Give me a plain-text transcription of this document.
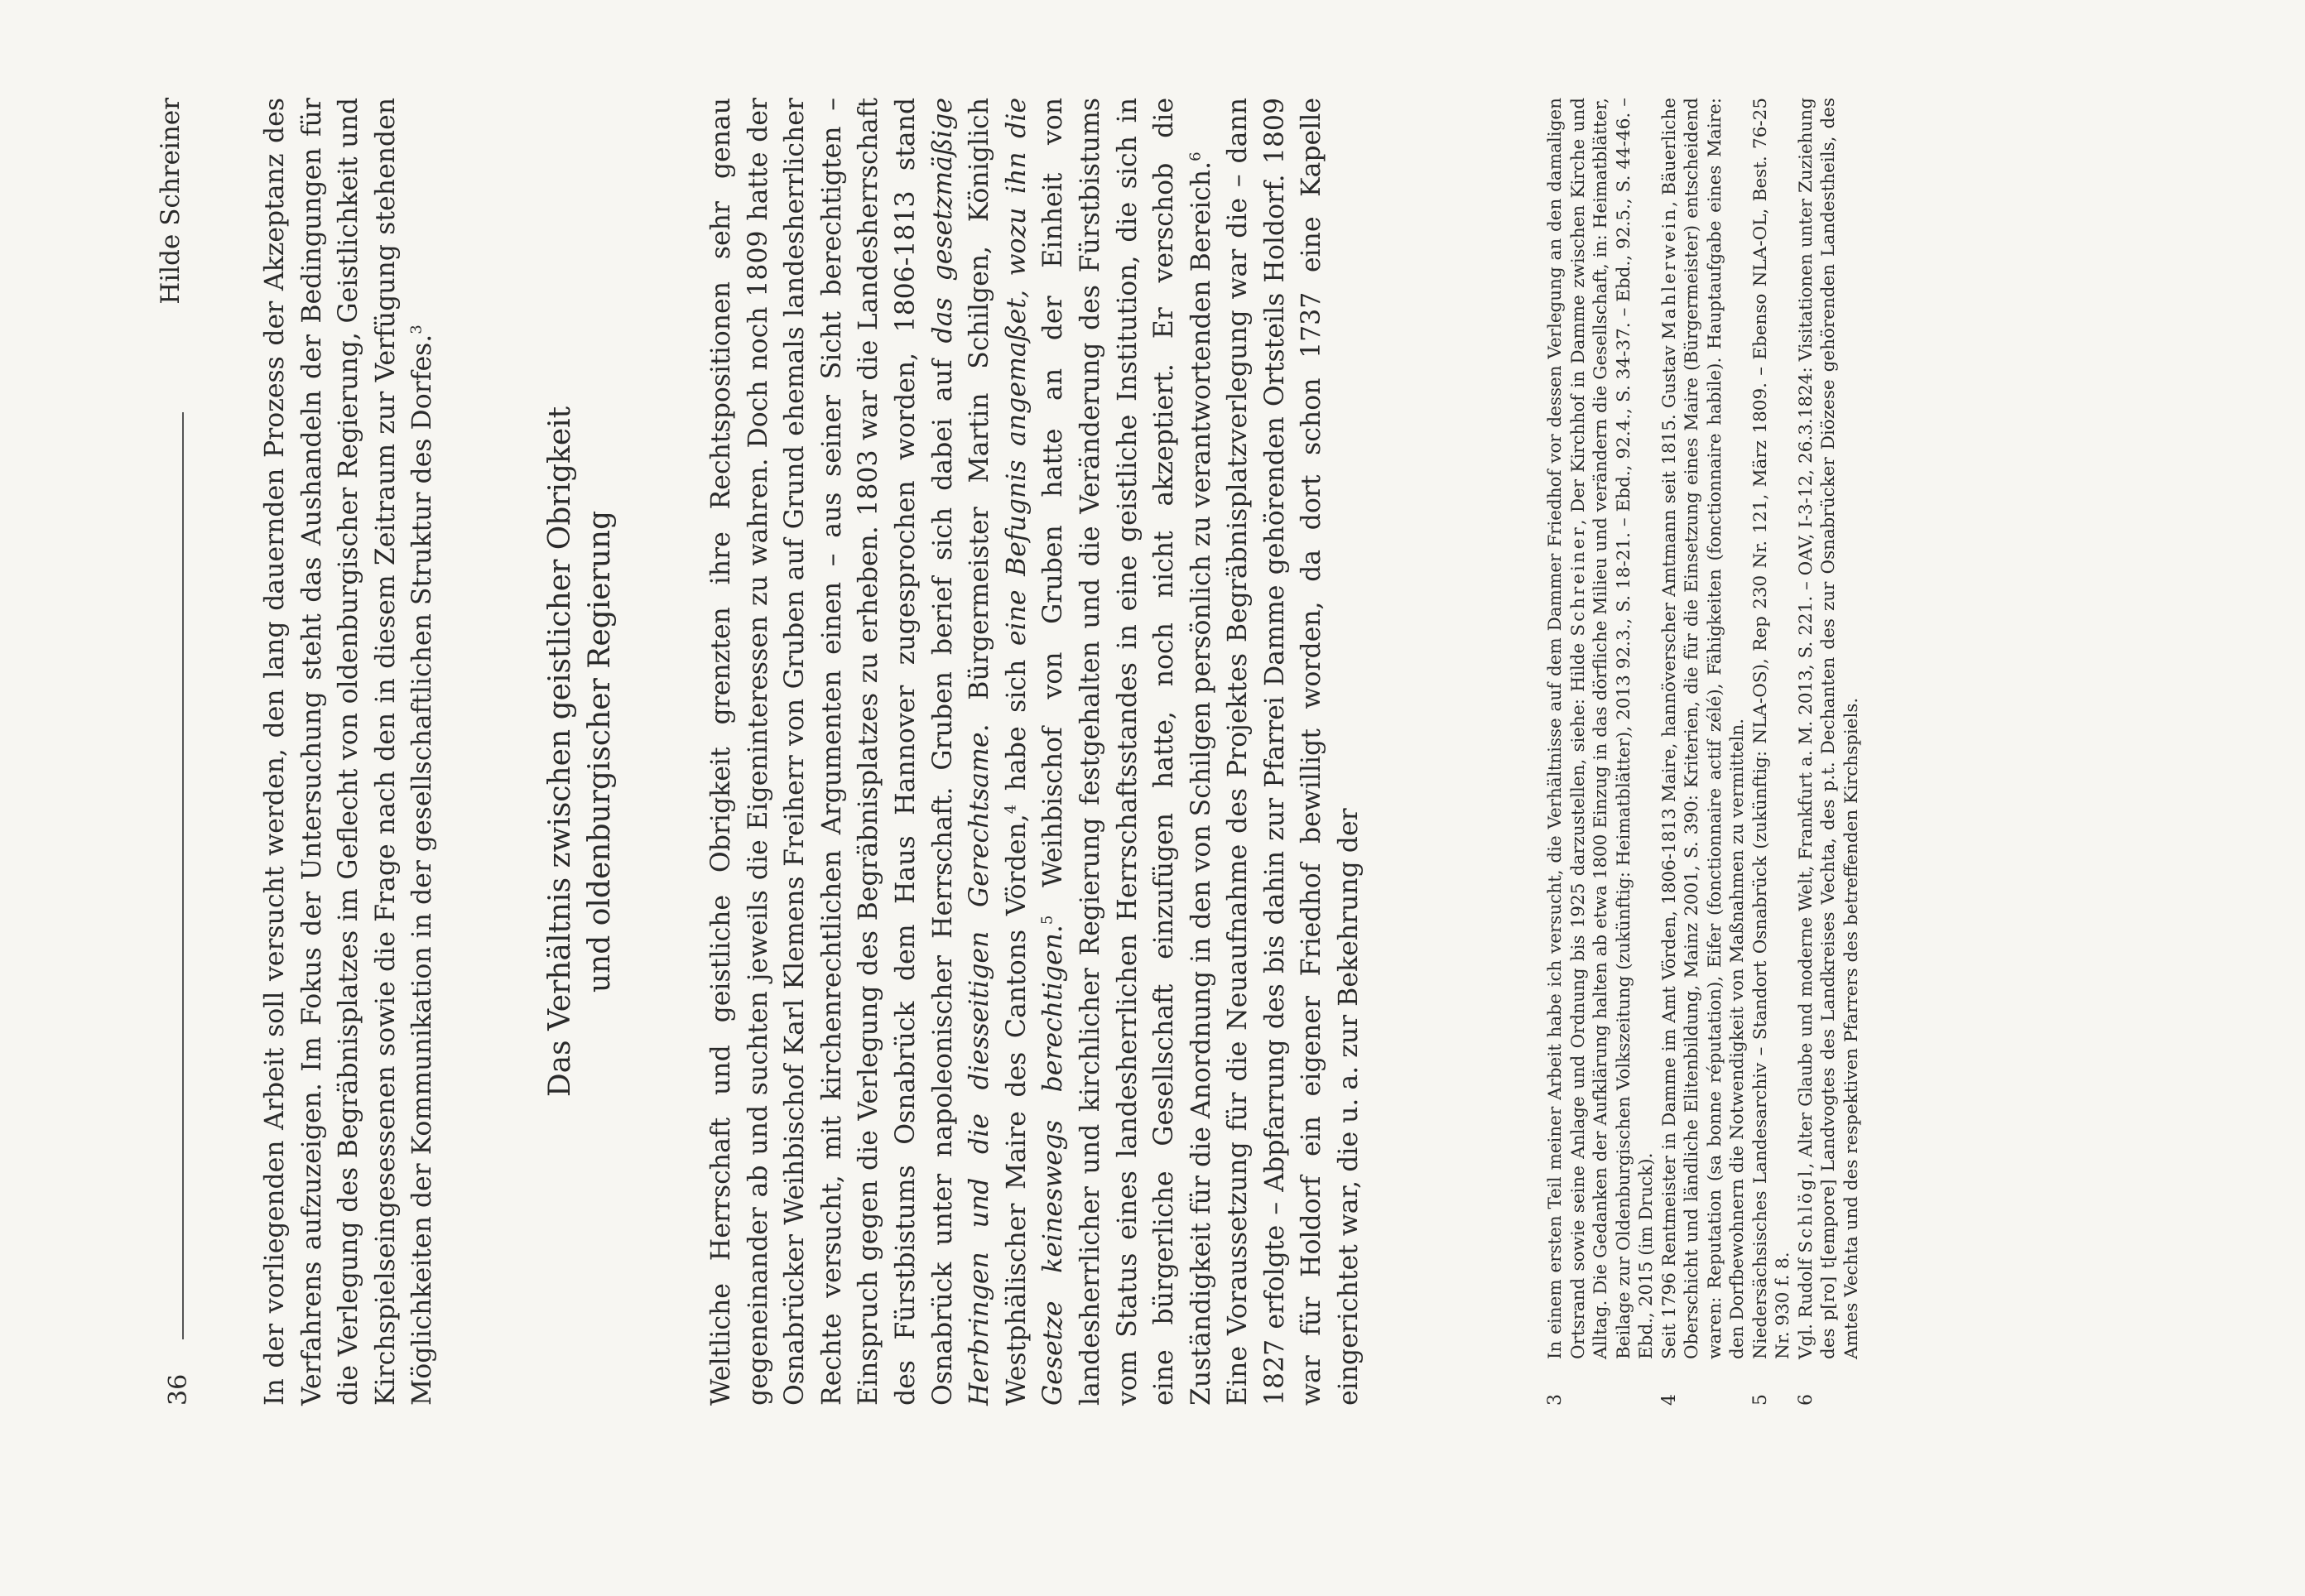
36
Hilde Schreiner	In der vorliegenden Arbeit soll versucht werden, den lang dauernden Prozess der Akzeptanz des Verfahrens aufzuzeigen. Im Fokus der Untersuchung steht das Aushandeln der Bedingungen für die Verlegung des Begräbnisplatzes im Geflecht von oldenburgischer Regierung, Geistlichkeit und Kirchspielseingesessenen sowie die Frage nach den in diesem Zeitraum zur Verfügung stehenden Möglichkeiten der Kommunikation in der gesellschaftlichen Struktur des Dorfes.$^3$

Das Verhältnis zwischen geistlicher Obrigkeit und oldenburgischer Regierung	Weltliche Herrschaft und geistliche Obrigkeit grenzten ihre Rechtspositionen sehr genau gegeneinander ab und suchten jeweils die Eigeninteressen zu wahren. Doch noch 1809 hatte der Osnabrücker Weihbischof Karl Klemens Freiherr von Gruben auf Grund ehemals landesherrlicher Rechte versucht, mit kirchenrechtlichen Argumenten einen – aus seiner Sicht berechtigten – Einspruch gegen die Verlegung des Begräbnisplatzes zu erheben. 1803 war die Landesherrschaft des Fürstbistums Osnabrück dem Haus Hannover zugesprochen worden, 1806-1813 stand Osnabrück unter napoleonischer Herrschaft. Gruben berief sich dabei auf das gesetzmäßige Herbringen und die diesseitigen Gerechtsame. Bürgermeister Martin Schilgen, Königlich Westphälischer Maire des Cantons Vörden,$^4$ habe sich eine Befugnis angemaßet, wozu ihn die Gesetze keineswegs berechtigen.$^5$ Weihbischof von Gruben hatte an der Einheit von landesherrlicher und kirchlicher Regierung festgehalten und die Veränderung des Fürstbistums vom Status eines landesherrlichen Herrschaftsstandes in eine geistliche Institution, die sich in eine bürgerliche Gesellschaft einzufügen hatte, noch nicht akzeptiert. Er verschob die Zuständigkeit für die Anordnung in den von Schilgen persönlich zu verantwortenden Bereich.$^6$ Eine Voraussetzung für die Neuaufnahme des Projektes Begräbnisplatzverlegung war die – dann 1827 erfolgte – Abpfarrung des bis dahin zur Pfarrei Damme gehörenden Ortsteils Holdorf. 1809 war für Holdorf ein eigener Friedhof bewilligt worden, da dort schon 1737 eine Kapelle eingerichtet war, die u. a. zur Bekehrung der	3
In einem ersten Teil meiner Arbeit habe ich versucht, die Verhältnisse auf dem Dammer Friedhof vor dessen Verlegung an den damaligen Ortsrand sowie seine Anlage und Ordnung bis 1925 darzustellen, siehe: Hilde Schreiner, Der Kirchhof in Damme zwischen Kirche und Alltag. Die Gedanken der Aufklärung halten ab etwa 1800 Einzug in das dörfliche Milieu und verändern die Gesellschaft, in: Heimatblätter, Beilage zur Oldenburgischen Volkszeitung (zukünftig: Heimatblätter), 2013 92.3., S. 18-21. – Ebd., 92.4., S. 34-37. – Ebd., 92.5., S. 44-46. – Ebd., 2015 (im Druck).
4
Seit 1796 Rentmeister in Damme im Amt Vörden, 1806-1813 Maire, hannöverscher Amtmann seit 1815. Gustav Mahlerwein, Bäuerliche Oberschicht und ländliche Elitenbildung, Mainz 2001, S. 390: Kriterien, die für die Einsetzung eines Maire (Bürgermeister) entscheidend waren: Reputation (sa bonne réputation), Eifer (fonctionnaire actif zélé), Fähigkeiten (fonctionnaire habile). Hauptaufgabe eines Maire: den Dorfbewohnern die Notwendigkeit von Maßnahmen zu vermitteln.
5
Niedersächsisches Landesarchiv – Standort Osnabrück (zukünftig: NLA-OS), Rep 230 Nr. 121, März 1809. – Ebenso NLA-OL, Best. 76-25 Nr. 930 f. 8.
6
Vgl. Rudolf Schlögl, Alter Glaube und moderne Welt, Frankfurt a. M. 2013, S. 221. – OAV, I-3-12, 26.3.1824: Visitationen unter Zuziehung des p[ro] t[empore] Landvogtes des Landkreises Vechta, des p.t. Dechanten des zur Osnabrücker Diözese gehörenden Landestheils, des Amtes Vechta und des respektiven Pfarrers des betreffenden Kirchspiels.
